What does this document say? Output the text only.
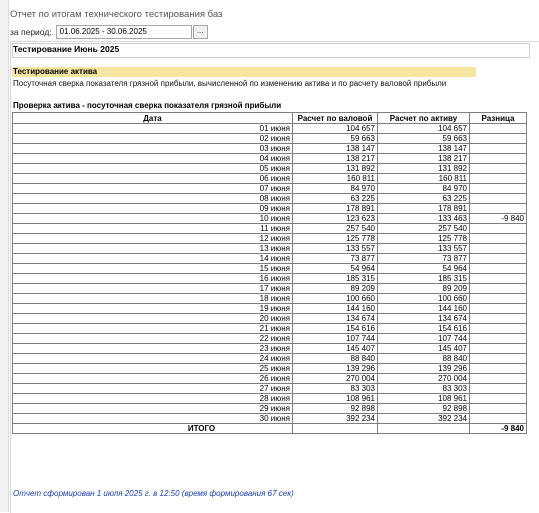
Отчет по итогам технического тестирования баз
за период:
01.06.2025 - 30.06.2025	...
Тестирование Июнь 2025
Тестирование актива
Посуточная сверка показателя грязной прибыли, вычисленной по изменению актива и по расчету валовой прибыли
Проверка актива - посуточная сверка показателя грязной прибыли
Дата	Расчет по валовой	Расчет по активу	Разница
01 июня	104 657	104 657	
02 июня	59 663	59 663	
03 июня	138 147	138 147	
04 июня	138 217	138 217	
05 июня	131 892	131 892	
06 июня	160 811	160 811	
07 июня	84 970	84 970	
08 июня	63 225	63 225	
09 июня	178 891	178 891	
10 июня	123 623	133 463	-9 840
11 июня	257 540	257 540	
12 июня	125 778	125 778	
13 июня	133 557	133 557	
14 июня	73 877	73 877	
15 июня	54 964	54 964	
16 июня	185 315	185 315	
17 июня	89 209	89 209	
18 июня	100 660	100 660	
19 июня	144 160	144 160	
20 июня	134 674	134 674	
21 июня	154 616	154 616	
22 июня	107 744	107 744	
23 июня	145 407	145 407	
24 июня	88 840	88 840	
25 июня	139 296	139 296	
26 июня	270 004	270 004	
27 июня	83 303	83 303	
28 июня	108 961	108 961	
29 июня	92 898	92 898	
30 июня	392 234	392 234	
ИТОГО			-9 840
Отчет сформирован 1 июля 2025 г. в 12:50 (время формирования 67 сек)
